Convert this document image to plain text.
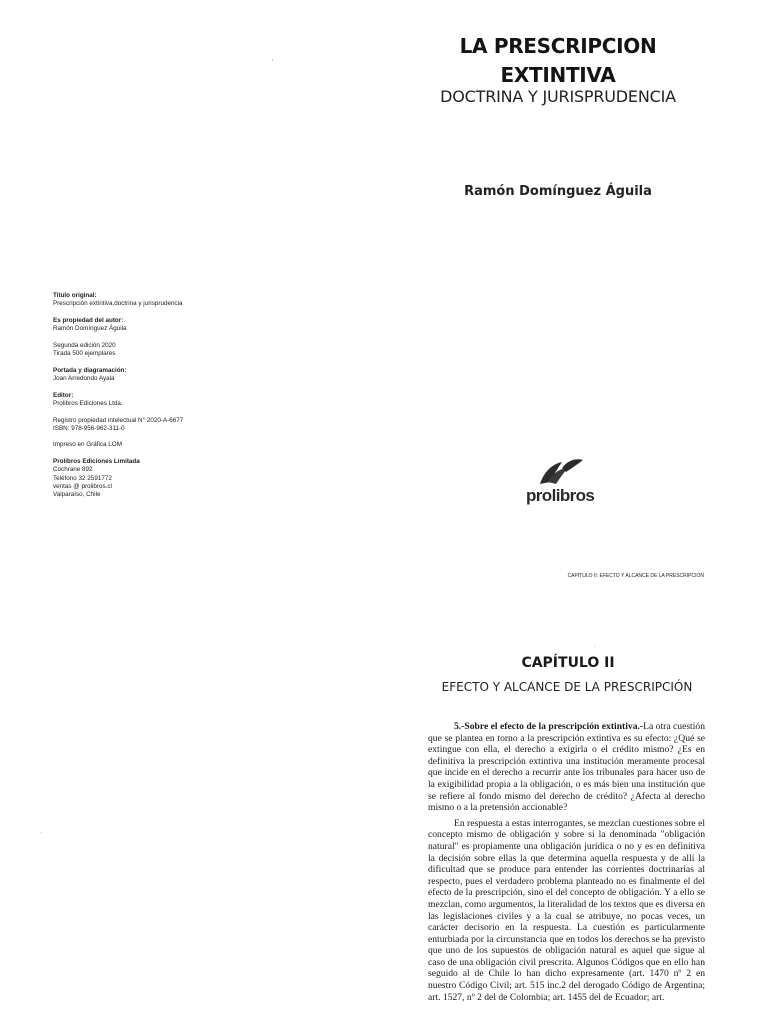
LA PRESCRIPCION
EXTINTIVA
DOCTRINA Y JURISPRUDENCIA
Ramón Domínguez Águila
'
·
·
Titulo original:
Prescripción extintiva,doctrina y jurisprudencia
Es propiedad del autor:
Ramón Domínguez Águila
Segunda edición 2020
Tirada 500 ejemplares
Portada y diagramación:
Joan Arredondo Ayala
Editor:
Prolibros Ediciones Ltda.
Registro propiedad intelectual N° 2020-A-6677
ISBN: 978-956-962-311-0
Impreso en Gráfica LOM
Prolibros Ediciones Limitada
Cochrane 892
Teléfono 32 2591772
ventas @ prolibros.cl
Valparaíso, Chile	prolibros
CAPÍTULO II: EFECTO Y ALCANCE DE LA PRESCRIPCION
CAPÍTULO II
EFECTO Y ALCANCE DE LA PRESCRIPCIÓN

5.-Sobre el efecto de la prescripción extintiva.-La otra cuestión que se plantea en torno a la prescripción extintiva es su efecto: ¿Qué se extingue con ella, el derecho a exigirla o el crédito mismo? ¿Es en definitiva la prescripción extintiva una institución meramente procesal que incide en el derecho a recurrir ante los tribunales para hacer uso de la exigibilidad propia a la obligación, o es más bien una institución que se refiere al fondo mismo del derecho de crédito? ¿Afecta al derecho mismo o a la pretensión accionable?

En respuesta a estas interrogantes, se mezclan cuestiones sobre el concepto mismo de obligación y sobre si la denominada "obligación natural" es propiamente una obligación jurídica o no y es en definitiva la decisión sobre ellas la que determina aquella respuesta y de allí la dificultad que se produce para entender las corrientes doctrinarias al respecto, pues el verdadero problema planteado no es finalmente el del efecto de la prescripción, sino el del concepto de obligación. Y a ello se mezclan, como argumentos, la literalidad de los textos que es diversa en las legislaciones civiles y a la cual se atribuye, no pocas veces, un carácter decisorio en la respuesta. La cuestión es particularmente enturbiada por la circunstancia que en todos los derechos se ha previsto que uno de los supuestos de obligación natural es aquel que sigue al caso de una obligación civil prescrita. Algunos Códigos que en ello han seguido al de Chile lo han dicho expresamente (art. 1470 nº 2 en nuestro Código Civil; art. 515 inc.2 del derogado Código de Argentina; art. 1527, nº 2 del de Colombia; art. 1455 del de Ecuador; art.
